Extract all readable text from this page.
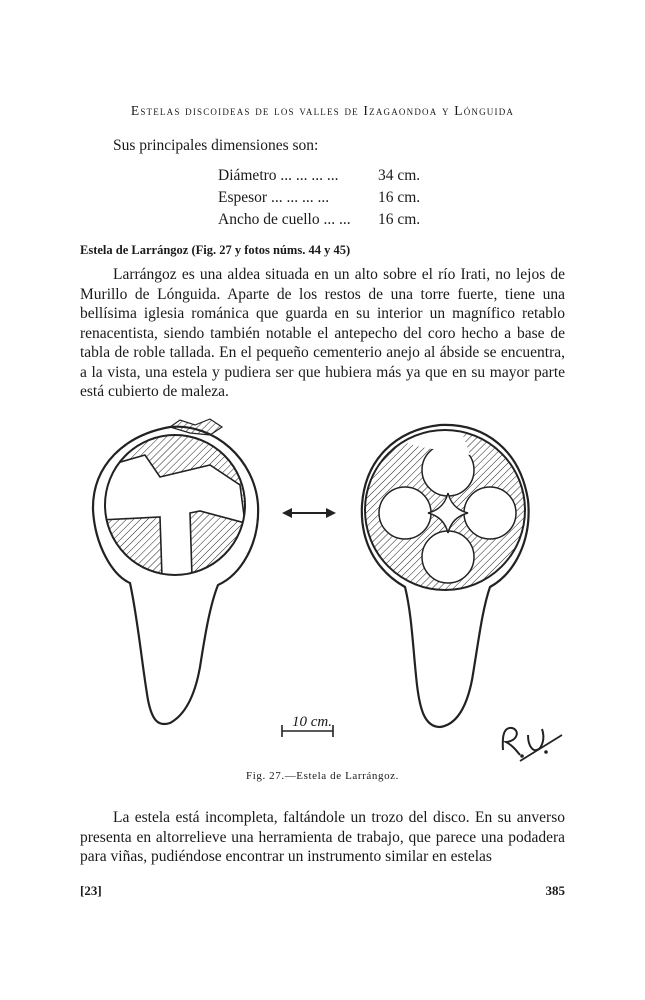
Estelas discoideas de los valles de Izagaondoa y Lónguida
Sus principales dimensiones son:
Diámetro ... ... ... ...	34 cm.
Espesor ... ... ... ...	16 cm.
Ancho de cuello ... ...	16 cm.
Estela de Larrángoz (Fig. 27 y fotos núms. 44 y 45)

Larrángoz es una aldea situada en un alto sobre el río Irati, no lejos de Murillo de Lónguida. Aparte de los restos de una torre fuerte, tiene una bellísima iglesia románica que guarda en su interior un magnífico retablo renacentista, siendo también notable el antepecho del coro hecho a base de tabla de roble tallada. En el pequeño cementerio anejo al ábside se encuentra, a la vista, una estela y pudiera ser que hubiera más ya que en su mayor parte está cubierto de maleza.

10 cm.
Fig. 27.—Estela de Larrángoz.

La estela está incompleta, faltándole un trozo del disco. En su anverso presenta en altorrelieve una herramienta de trabajo, que parece una podadera para viñas, pudiéndose encontrar un instrumento similar en estelas

[23]	385
